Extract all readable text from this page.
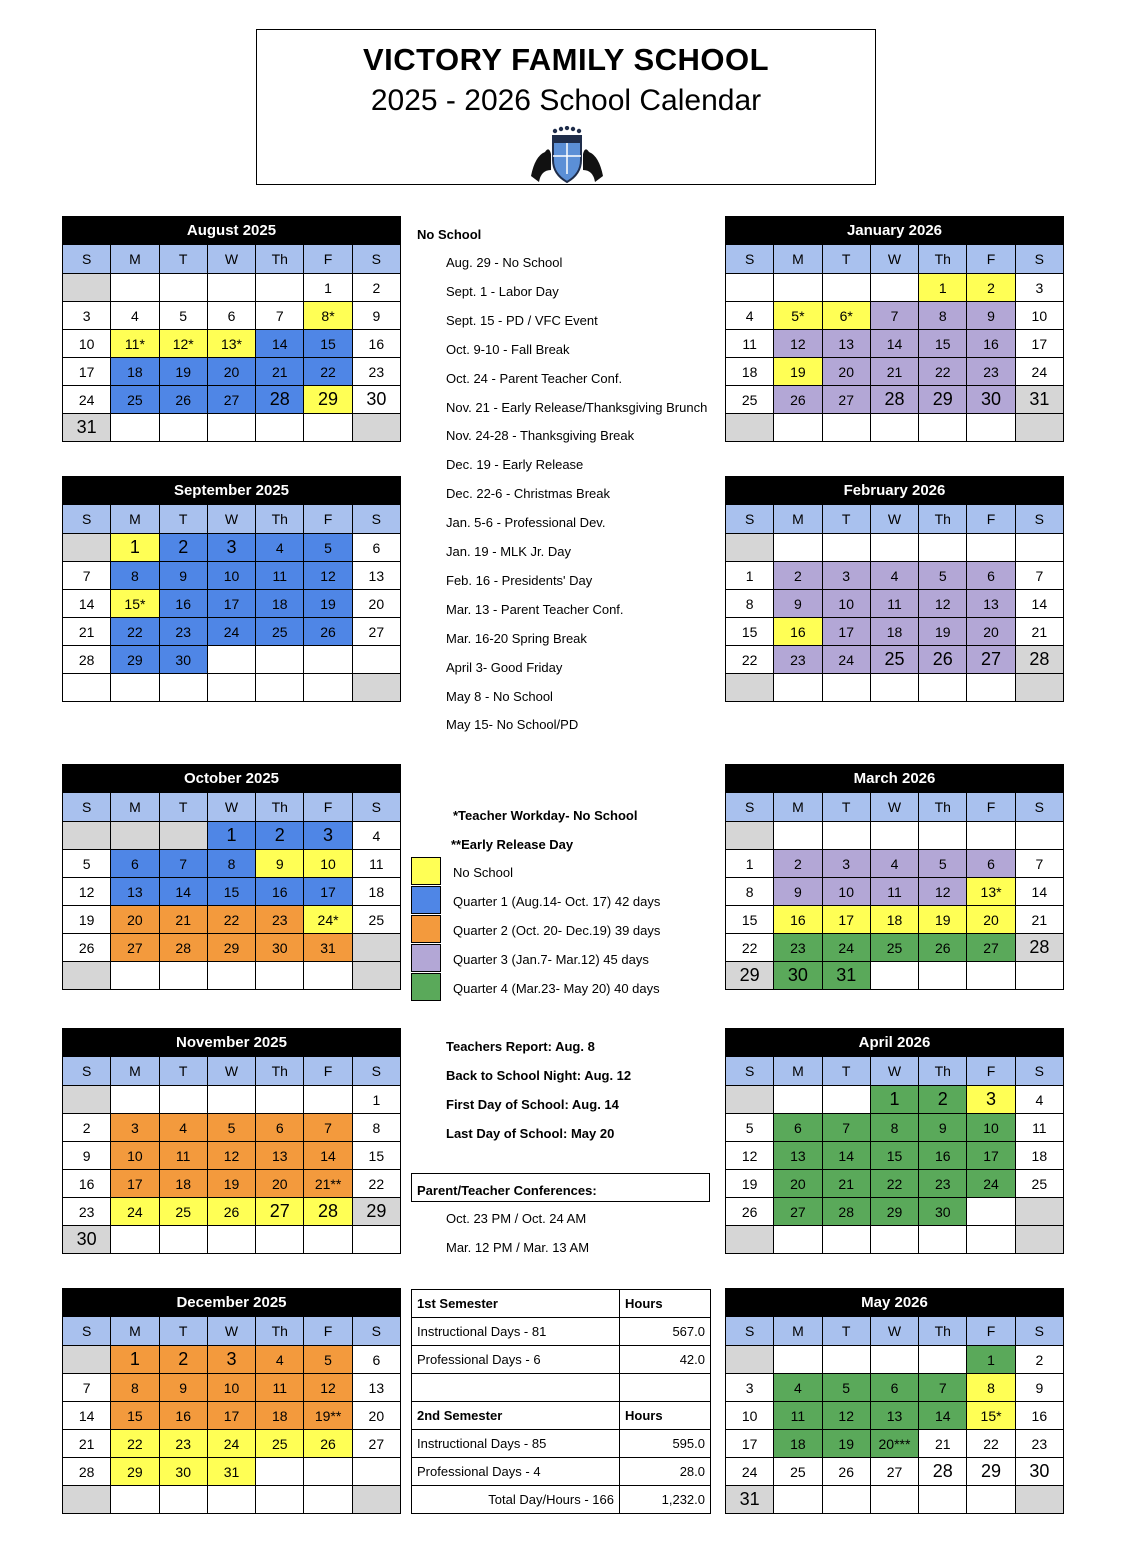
VICTORY FAMILY SCHOOL
2025 - 2026 School Calendar
August 2025
S	M	T	W	Th	F	S
					1	2
3	4	5	6	7	8*	9
10	11*	12*	13*	14	15	16
17	18	19	20	21	22	23
24	25	26	27	28	29	30
31						
September 2025
S	M	T	W	Th	F	S
	1	2	3	4	5	6
7	8	9	10	11	12	13
14	15*	16	17	18	19	20
21	22	23	24	25	26	27
28	29	30				

October 2025
S	M	T	W	Th	F	S
			1	2	3	4
5	6	7	8	9	10	11
12	13	14	15	16	17	18
19	20	21	22	23	24*	25
26	27	28	29	30	31	

November 2025
S	M	T	W	Th	F	S
						1
2	3	4	5	6	7	8
9	10	11	12	13	14	15
16	17	18	19	20	21**	22
23	24	25	26	27	28	29
30						
December 2025
S	M	T	W	Th	F	S
	1	2	3	4	5	6
7	8	9	10	11	12	13
14	15	16	17	18	19**	20
21	22	23	24	25	26	27
28	29	30	31			

January 2026
S	M	T	W	Th	F	S
				1	2	3
4	5*	6*	7	8	9	10
11	12	13	14	15	16	17
18	19	20	21	22	23	24
25	26	27	28	29	30	31

February 2026
S	M	T	W	Th	F	S

1	2	3	4	5	6	7
8	9	10	11	12	13	14
15	16	17	18	19	20	21
22	23	24	25	26	27	28

March 2026
S	M	T	W	Th	F	S

1	2	3	4	5	6	7
8	9	10	11	12	13*	14
15	16	17	18	19	20	21
22	23	24	25	26	27	28
29	30	31				
April 2026
S	M	T	W	Th	F	S
			1	2	3	4
5	6	7	8	9	10	11
12	13	14	15	16	17	18
19	20	21	22	23	24	25
26	27	28	29	30		

May 2026
S	M	T	W	Th	F	S
					1	2
3	4	5	6	7	8	9
10	11	12	13	14	15*	16
17	18	19	20***	21	22	23
24	25	26	27	28	29	30
31						
No School
Aug. 29 - No School
Sept. 1 - Labor Day
Sept. 15 - PD / VFC Event
Oct. 9-10 - Fall Break
Oct. 24 - Parent Teacher Conf.
Nov. 21 - Early Release/Thanksgiving Brunch
Nov. 24-28 - Thanksgiving Break
Dec. 19 - Early Release
Dec. 22-6 - Christmas Break
Jan. 5-6 - Professional Dev.
Jan. 19 - MLK Jr. Day
Feb. 16 - Presidents' Day
Mar. 13 - Parent Teacher Conf.
Mar. 16-20 Spring Break
April 3- Good Friday
May 8 - No School
May 15- No School/PD
*Teacher Workday- No School
**Early Release Day
No School
Quarter 1 (Aug.14- Oct. 17) 42 days
Quarter 2 (Oct. 20- Dec.19) 39 days
Quarter 3 (Jan.7- Mar.12) 45 days
Quarter 4 (Mar.23- May 20) 40 days
Teachers Report: Aug. 8
Back to School Night: Aug. 12
First Day of School: Aug. 14
Last Day of School: May 20
Parent/Teacher Conferences:
Oct. 23 PM / Oct. 24 AM
Mar. 12 PM / Mar. 13 AM
1st Semester	Hours
Instructional Days - 81	567.0
Professional Days - 6	42.0

2nd Semester	Hours
Instructional Days - 85	595.0
Professional Days - 4	28.0
Total Day/Hours - 166	1,232.0
